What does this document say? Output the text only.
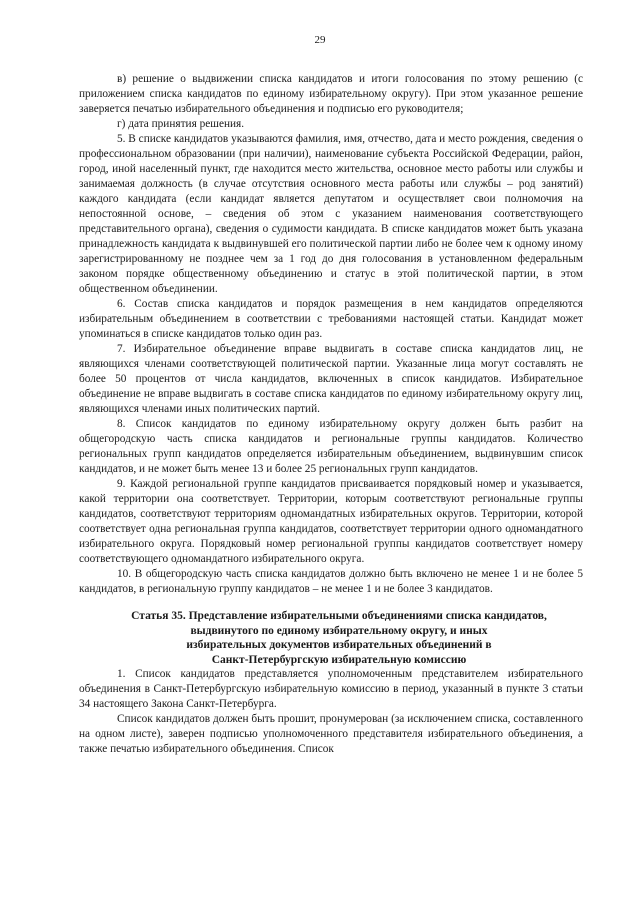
29

в) решение о выдвижении списка кандидатов и итоги голосования по этому решению (с приложением списка кандидатов по единому избирательному округу). При этом указанное решение заверяется печатью избирательного объединения и подписью его руководителя;

г) дата принятия решения.

5. В списке кандидатов указываются фамилия, имя, отчество, дата и место рождения, сведения о профессиональном образовании (при наличии), наименование субъекта Российской Федерации, район, город, иной населенный пункт, где находится место жительства, основное место работы или службы и занимаемая должность (в случае отсутствия основного места работы или службы – род занятий) каждого кандидата (если кандидат является депутатом и осуществляет свои полномочия на непостоянной основе, – сведения об этом с указанием наименования соответствующего представительного органа), сведения о судимости кандидата. В списке кандидатов может быть указана принадлежность кандидата к выдвинувшей его политической партии либо не более чем к одному иному зарегистрированному не позднее чем за 1 год до дня голосования в установленном федеральным законом порядке общественному объединению и статус в этой политической партии, в этом общественном объединении.

6. Состав списка кандидатов и порядок размещения в нем кандидатов определяются избирательным объединением в соответствии с требованиями настоящей статьи. Кандидат может упоминаться в списке кандидатов только один раз.

7. Избирательное объединение вправе выдвигать в составе списка кандидатов лиц, не являющихся членами соответствующей политической партии. Указанные лица могут составлять не более 50 процентов от числа кандидатов, включенных в список кандидатов. Избирательное объединение не вправе выдвигать в составе списка кандидатов по единому избирательному округу лиц, являющихся членами иных политических партий.

8. Список кандидатов по единому избирательному округу должен быть разбит на общегородскую часть списка кандидатов и региональные группы кандидатов. Количество региональных групп кандидатов определяется избирательным объединением, выдвинувшим список кандидатов, и не может быть менее 13 и более 25 региональных групп кандидатов.

9. Каждой региональной группе кандидатов присваивается порядковый номер и указывается, какой территории она соответствует. Территории, которым соответствуют региональные группы кандидатов, соответствуют территориям одномандатных избирательных округов. Территории, которой соответствует одна региональная группа кандидатов, соответствует территории одного одномандатного избирательного округа. Порядковый номер региональной группы кандидатов соответствует номеру соответствующего одномандатного избирательного округа.

10. В общегородскую часть списка кандидатов должно быть включено не менее 1 и не более 5 кандидатов, в региональную группу кандидатов – не менее 1 и не более 3 кандидатов.

Статья 35. Представление избирательными объединениями списка кандидатов,
выдвинутого по единому избирательному округу, и иных
избирательных документов избирательных объединений в
Санкт-Петербургскую избирательную комиссию

1. Список кандидатов представляется уполномоченным представителем избирательного объединения в Санкт-Петербургскую избирательную комиссию в период, указанный в пункте 3 статьи 34 настоящего Закона Санкт-Петербурга.

Список кандидатов должен быть прошит, пронумерован (за исключением списка, составленного на одном листе), заверен подписью уполномоченного представителя избирательного объединения, а также печатью избирательного объединения. Список
